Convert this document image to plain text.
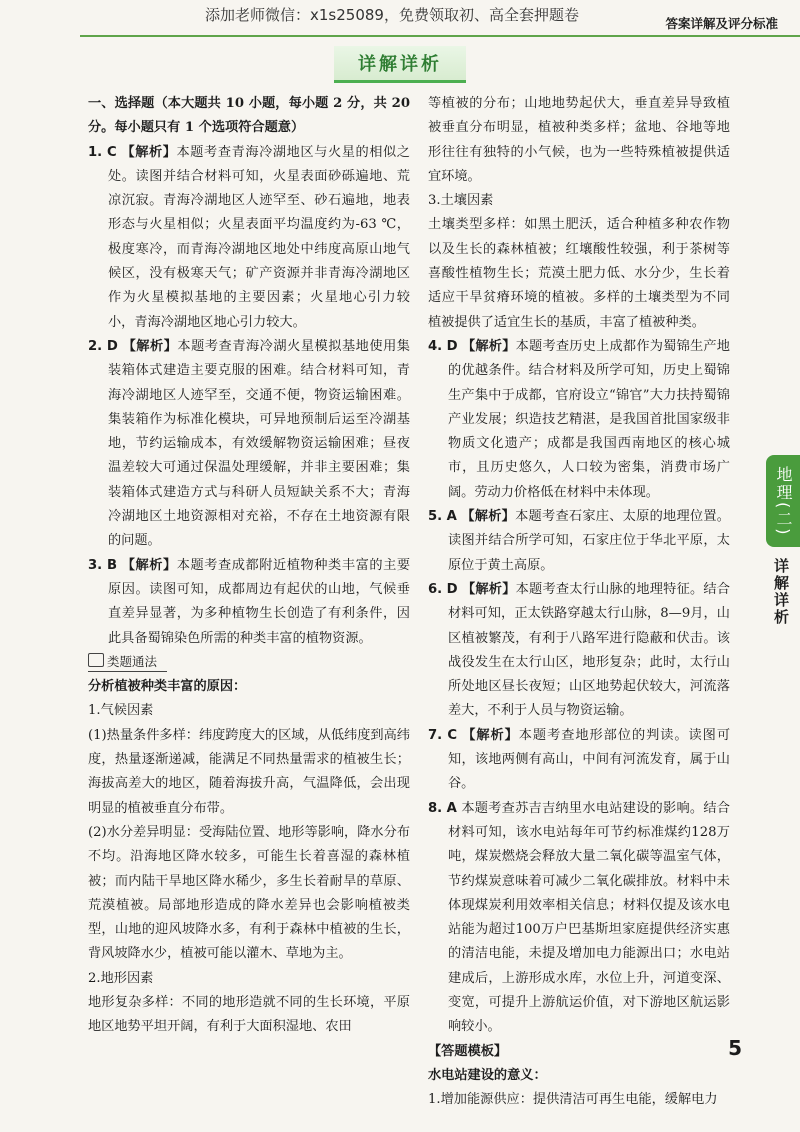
添加老师微信：x1s25089，免费领取初、高全套押题卷	答案详解及评分标准
详解详析

一、选择题（本大题共 10 小题，每小题 2 分，共 20 分。每小题只有 1 个选项符合题意）

1. C 【解析】本题考查青海冷湖地区与火星的相似之处。读图并结合材料可知，火星表面砂砾遍地、荒凉沉寂。青海冷湖地区人迹罕至、砂石遍地，地表形态与火星相似；火星表面平均温度约为-63 ℃，极度寒冷，而青海冷湖地区地处中纬度高原山地气候区，没有极寒天气；矿产资源并非青海冷湖地区作为火星模拟基地的主要因素；火星地心引力较小，青海冷湖地区地心引力较大。

2. D 【解析】本题考查青海冷湖火星模拟基地使用集装箱体式建造主要克服的困难。结合材料可知，青海冷湖地区人迹罕至，交通不便，物资运输困难。集装箱作为标准化模块，可异地预制后运至冷湖基地，节约运输成本，有效缓解物资运输困难；昼夜温差较大可通过保温处理缓解，并非主要困难；集装箱体式建造方式与科研人员短缺关系不大；青海冷湖地区土地资源相对充裕，不存在土地资源有限的问题。

3. B 【解析】本题考查成都附近植物种类丰富的主要原因。读图可知，成都周边有起伏的山地，气候垂直差异显著，为多种植物生长创造了有利条件，因此具备蜀锦染色所需的种类丰富的植物资源。

类题通法

分析植被种类丰富的原因：

1.气候因素

(1)热量条件多样：纬度跨度大的区域，从低纬度到高纬度，热量逐渐递减，能满足不同热量需求的植被生长；海拔高差大的地区，随着海拔升高，气温降低，会出现明显的植被垂直分布带。

(2)水分差异明显：受海陆位置、地形等影响，降水分布不均。沿海地区降水较多，可能生长着喜湿的森林植被；而内陆干旱地区降水稀少，多生长着耐旱的草原、荒漠植被。局部地形造成的降水差异也会影响植被类型，山地的迎风坡降水多，有利于森林中植被的生长，背风坡降水少，植被可能以灌木、草地为主。

2.地形因素

地形复杂多样：不同的地形造就不同的生长环境，平原地区地势平坦开阔，有利于大面积湿地、农田

等植被的分布；山地地势起伏大，垂直差异导致植被垂直分布明显，植被种类多样；盆地、谷地等地形往往有独特的小气候，也为一些特殊植被提供适宜环境。

3.土壤因素

土壤类型多样：如黑土肥沃，适合种植多种农作物以及生长的森林植被；红壤酸性较强，利于茶树等喜酸性植物生长；荒漠土肥力低、水分少，生长着适应干旱贫瘠环境的植被。多样的土壤类型为不同植被提供了适宜生长的基质，丰富了植被种类。

4. D 【解析】本题考查历史上成都作为蜀锦生产地的优越条件。结合材料及所学可知，历史上蜀锦生产集中于成都，官府设立“锦官”大力扶持蜀锦产业发展；织造技艺精湛，是我国首批国家级非物质文化遗产；成都是我国西南地区的核心城市，且历史悠久，人口较为密集，消费市场广阔。劳动力价格低在材料中未体现。

5. A 【解析】本题考查石家庄、太原的地理位置。读图并结合所学可知，石家庄位于华北平原，太原位于黄土高原。

6. D 【解析】本题考查太行山脉的地理特征。结合材料可知，正太铁路穿越太行山脉，8—9月，山区植被繁茂，有利于八路军进行隐蔽和伏击。该战役发生在太行山区，地形复杂；此时，太行山所处地区昼长夜短；山区地势起伏较大，河流落差大，不利于人员与物资运输。

7. C 【解析】本题考查地形部位的判读。读图可知，该地两侧有高山，中间有河流发育，属于山谷。

8. A 本题考查苏吉吉纳里水电站建设的影响。结合材料可知，该水电站每年可节约标准煤约128万吨，煤炭燃烧会释放大量二氧化碳等温室气体，节约煤炭意味着可减少二氧化碳排放。材料中未体现煤炭利用效率相关信息；材料仅提及该水电站能为超过100万户巴基斯坦家庭提供经济实惠的清洁电能，未提及增加电力能源出口；水电站建成后，上游形成水库，水位上升，河道变深、变宽，可提升上游航运价值，对下游地区航运影响较小。

【答题模板】

水电站建设的意义：

1.增加能源供应：提供清洁可再生电能，缓解电力

地理(二)
详解详析
5
